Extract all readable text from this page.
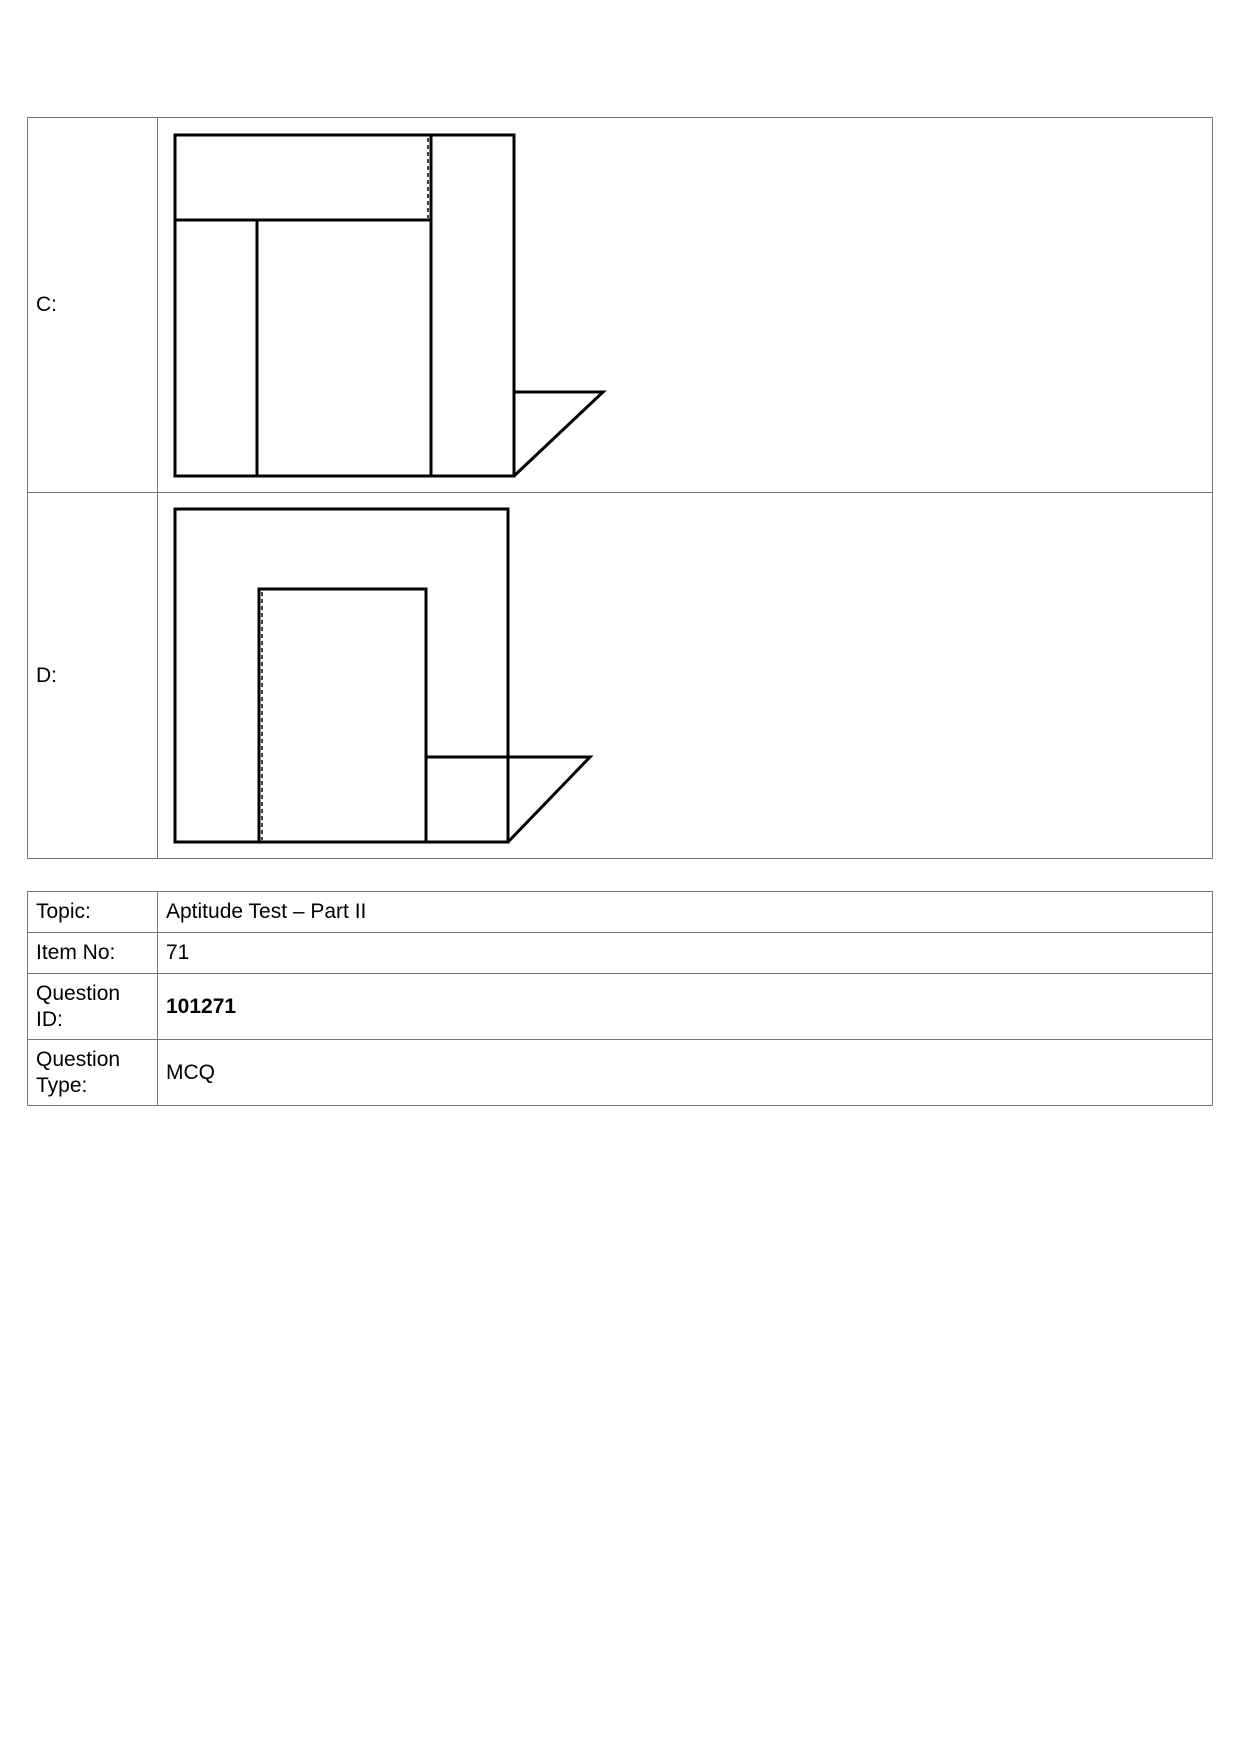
C:	

D:	
Topic:	Aptitude Test – Part II
Item No:	71
Question ID:	101271
Question Type:	MCQ
